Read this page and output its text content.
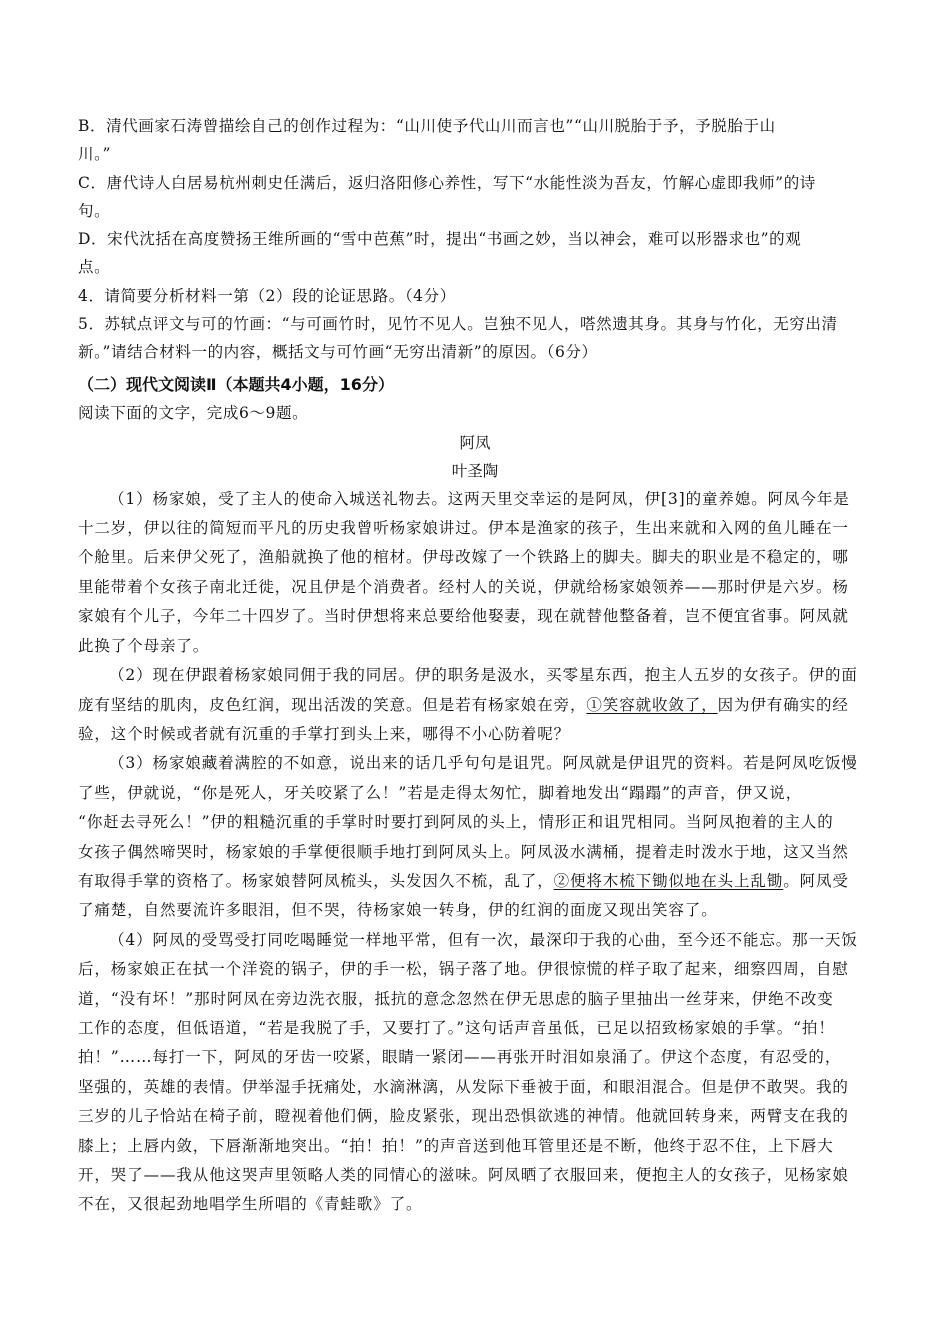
B．清代画家石涛曾描绘自己的创作过程为：“山川使予代山川而言也”“山川脱胎于予，予脱胎于山
川。”
C．唐代诗人白居易杭州刺史任满后，返归洛阳修心养性，写下“水能性淡为吾友，竹解心虚即我师”的诗
句。
D．宋代沈括在高度赞扬王维所画的“雪中芭蕉”时，提出“书画之妙，当以神会，难可以形器求也”的观
点。
4．请简要分析材料一第（2）段的论证思路。（4分）
5．苏轼点评文与可的竹画：“与可画竹时，见竹不见人。岂独不见人，嗒然遗其身。其身与竹化，无穷出清
新。”请结合材料一的内容，概括文与可竹画“无穷出清新”的原因。（6分）
（二）现代文阅读Ⅱ（本题共4小题，16分）
阅读下面的文字，完成6～9题。
阿凤
叶圣陶
（1）杨家娘，受了主人的使命入城送礼物去。这两天里交幸运的是阿凤，伊[3]的童养媳。阿凤今年是
十二岁，伊以往的简短而平凡的历史我曾听杨家娘讲过。伊本是渔家的孩子，生出来就和入网的鱼儿睡在一
个舱里。后来伊父死了，渔船就换了他的棺材。伊母改嫁了一个铁路上的脚夫。脚夫的职业是不稳定的，哪
里能带着个女孩子南北迁徙，况且伊是个消费者。经村人的关说，伊就给杨家娘领养——那时伊是六岁。杨
家娘有个儿子，今年二十四岁了。当时伊想将来总要给他娶妻，现在就替他整备着，岂不便宜省事。阿凤就
此换了个母亲了。
（2）现在伊跟着杨家娘同佣于我的同居。伊的职务是汲水，买零星东西，抱主人五岁的女孩子。伊的面
庞有坚结的肌肉，皮色红润，现出活泼的笑意。但是若有杨家娘在旁，①笑容就收敛了，因为伊有确实的经
验，这个时候或者就有沉重的手掌打到头上来，哪得不小心防着呢？
（3）杨家娘藏着满腔的不如意，说出来的话几乎句句是诅咒。阿凤就是伊诅咒的资料。若是阿凤吃饭慢
了些，伊就说，“你是死人，牙关咬紧了么！”若是走得太匆忙，脚着地发出“蹋蹋”的声音，伊又说，
“你赶去寻死么！”伊的粗糙沉重的手掌时时要打到阿凤的头上，情形正和诅咒相同。当阿凤抱着的主人的
女孩子偶然啼哭时，杨家娘的手掌便很顺手地打到阿凤头上。阿凤汲水满桶，提着走时泼水于地，这又当然
有取得手掌的资格了。杨家娘替阿凤梳头，头发因久不梳，乱了，②便将木梳下锄似地在头上乱锄。阿凤受
了痛楚，自然要流许多眼泪，但不哭，待杨家娘一转身，伊的红润的面庞又现出笑容了。
（4）阿凤的受骂受打同吃喝睡觉一样地平常，但有一次，最深印于我的心曲，至今还不能忘。那一天饭
后，杨家娘正在拭一个洋瓷的锅子，伊的手一松，锅子落了地。伊很惊慌的样子取了起来，细察四周，自慰
道，“没有坏！”那时阿凤在旁边洗衣服，抵抗的意念忽然在伊无思虑的脑子里抽出一丝芽来，伊绝不改变
工作的态度，但低语道，“若是我脱了手，又要打了。”这句话声音虽低，已足以招致杨家娘的手掌。“拍！
拍！”……每打一下，阿凤的牙齿一咬紧，眼睛一紧闭——再张开时泪如泉涌了。伊这个态度，有忍受的，
坚强的，英雄的表情。伊举湿手抚痛处，水滴淋漓，从发际下垂被于面，和眼泪混合。但是伊不敢哭。我的
三岁的儿子恰站在椅子前，瞪视着他们俩，脸皮紧张，现出恐惧欲逃的神情。他就回转身来，两臂支在我的
膝上；上唇内敛，下唇渐渐地突出。“拍！拍！”的声音送到他耳管里还是不断，他终于忍不住，上下唇大
开，哭了——我从他这哭声里领略人类的同情心的滋味。阿凤晒了衣服回来，便抱主人的女孩子，见杨家娘
不在，又很起劲地唱学生所唱的《青蛙歌》了。
